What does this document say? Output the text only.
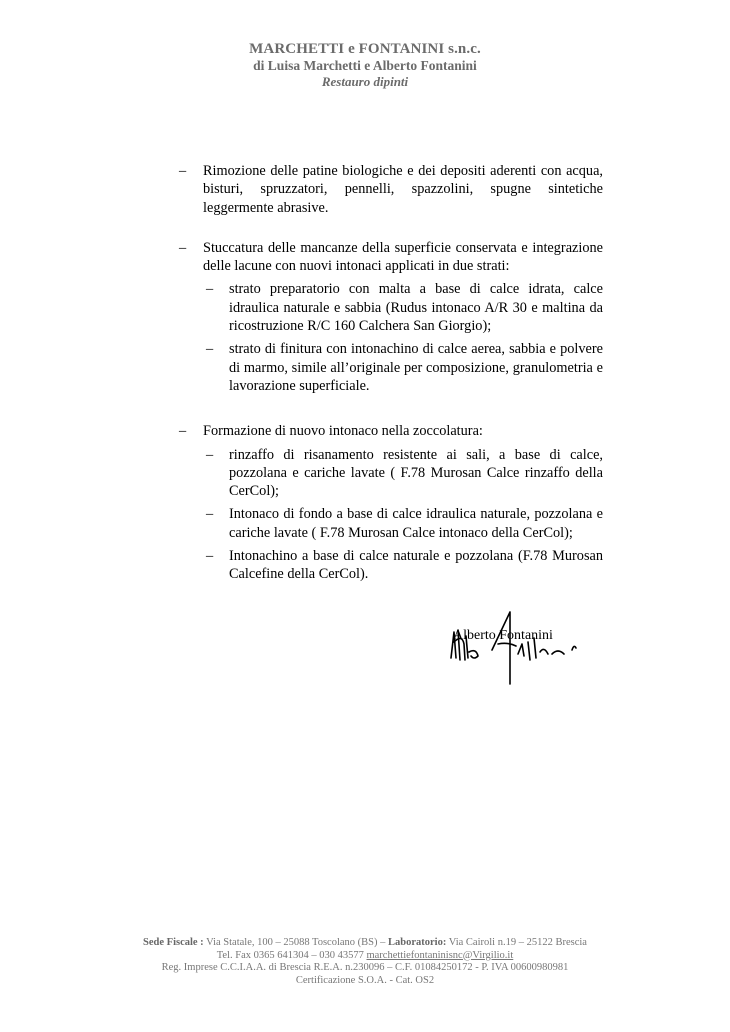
MARCHETTI e FONTANINI s.n.c.
di Luisa Marchetti e Alberto Fontanini
Restauro dipinti
– Rimozione delle patine biologiche e dei depositi aderenti con acqua, bisturi, spruzzatori, pennelli, spazzolini, spugne sintetiche leggermente abrasive.
– Stuccatura delle mancanze della superficie conservata e integrazione delle lacune con nuovi intonaci applicati in due strati:
– strato preparatorio con malta a base di calce idrata, calce idraulica naturale e sabbia (Rudus intonaco A/R 30 e maltina da ricostruzione R/C 160 Calchera San Giorgio);
– strato di finitura con intonachino di calce aerea, sabbia e polvere di marmo, simile all’originale per composizione, granulometria e lavorazione superficiale.
– Formazione di nuovo intonaco nella zoccolatura:
– rinzaffo di risanamento resistente ai sali, a base di calce, pozzolana e cariche lavate ( F.78 Murosan Calce rinzaffo della CerCol);
– Intonaco di fondo a base di calce idraulica naturale, pozzolana e cariche lavate ( F.78 Murosan Calce intonaco della CerCol);
– Intonachino a base di calce naturale e pozzolana (F.78 Murosan Calcefine della CerCol).
Alberto Fontanini
Sede Fiscale : Via Statale, 100 – 25088 Toscolano (BS) – Laboratorio: Via Cairoli n.19 – 25122 Brescia
Tel. Fax 0365 641304 – 030 43577 marchettiefontaninisnc@Virgilio.it
Reg. Imprese C.C.I.A.A. di Brescia R.E.A. n.230096 – C.F. 01084250172 - P. IVA 00600980981
Certificazione S.O.A. - Cat. OS2
